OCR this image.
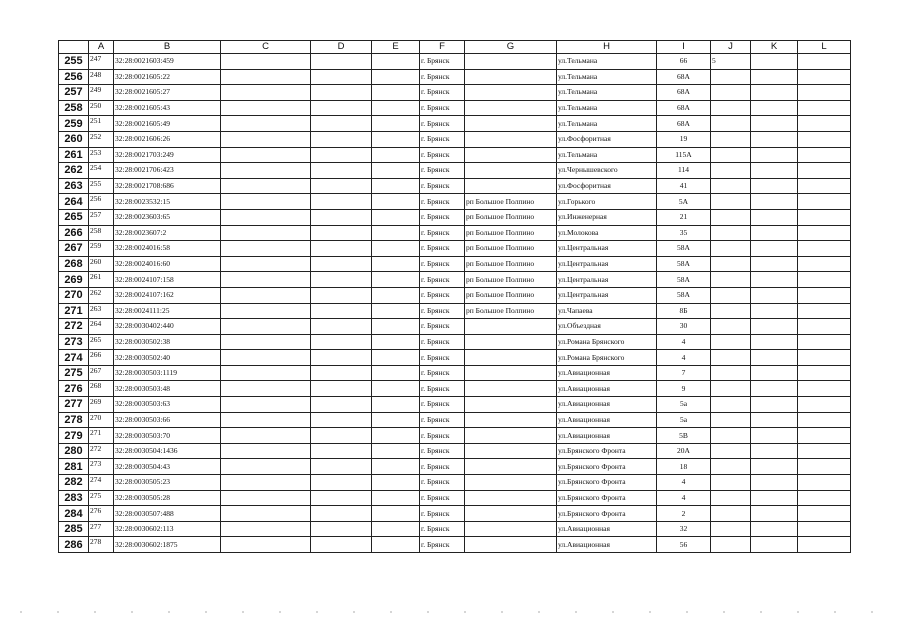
	A	B	C	D	E	F	G	H	I	J	K	L
255	247	32:28:0021603:459				г. Брянск		ул.Тельмана	66	5		
256	248	32:28:0021605:22				г. Брянск		ул.Тельмана	68А			
257	249	32:28:0021605:27				г. Брянск		ул.Тельмана	68А			
258	250	32:28:0021605:43				г. Брянск		ул.Тельмана	68А			
259	251	32:28:0021605:49				г. Брянск		ул.Тельмана	68А			
260	252	32:28:0021606:26				г. Брянск		ул.Фосфоритная	19			
261	253	32:28:0021703:249				г. Брянск		ул.Тельмана	115А			
262	254	32:28:0021706:423				г. Брянск		ул.Чернышевского	114			
263	255	32:28:0021708:686				г. Брянск		ул.Фосфоритная	41			
264	256	32:28:0023532:15				г. Брянск	рп Большое Полпино	ул.Горького	5А			
265	257	32:28:0023603:65				г. Брянск	рп Большое Полпино	ул.Инженерная	21			
266	258	32:28:0023607:2				г. Брянск	рп Большое Полпино	ул.Молокова	35			
267	259	32:28:0024016:58				г. Брянск	рп Большое Полпино	ул.Центральная	58А			
268	260	32:28:0024016:60				г. Брянск	рп Большое Полпино	ул.Центральная	58А			
269	261	32:28:0024107:158				г. Брянск	рп Большое Полпино	ул.Центральная	58А			
270	262	32:28:0024107:162				г. Брянск	рп Большое Полпино	ул.Центральная	58А			
271	263	32:28:0024111:25				г. Брянск	рп Большое Полпино	ул.Чапаева	8Б			
272	264	32:28:0030402:440				г. Брянск		ул.Объездная	30			
273	265	32:28:0030502:38				г. Брянск		ул.Романа Брянского	4			
274	266	32:28:0030502:40				г. Брянск		ул.Романа Брянского	4			
275	267	32:28:0030503:1119				г. Брянск		ул.Авиационная	7			
276	268	32:28:0030503:48				г. Брянск		ул.Авиационная	9			
277	269	32:28:0030503:63				г. Брянск		ул.Авиационная	5а			
278	270	32:28:0030503:66				г. Брянск		ул.Авиационная	5а			
279	271	32:28:0030503:70				г. Брянск		ул.Авиационная	5В			
280	272	32:28:0030504:1436				г. Брянск		ул.Брянского Фронта	20А			
281	273	32:28:0030504:43				г. Брянск		ул.Брянского Фронта	18			
282	274	32:28:0030505:23				г. Брянск		ул.Брянского Фронта	4			
283	275	32:28:0030505:28				г. Брянск		ул.Брянского Фронта	4			
284	276	32:28:0030507:488				г. Брянск		ул.Брянского Фронта	2			
285	277	32:28:0030602:113				г. Брянск		ул.Авиационная	32			
286	278	32:28:0030602:1875				г. Брянск		ул.Авиационная	56			
